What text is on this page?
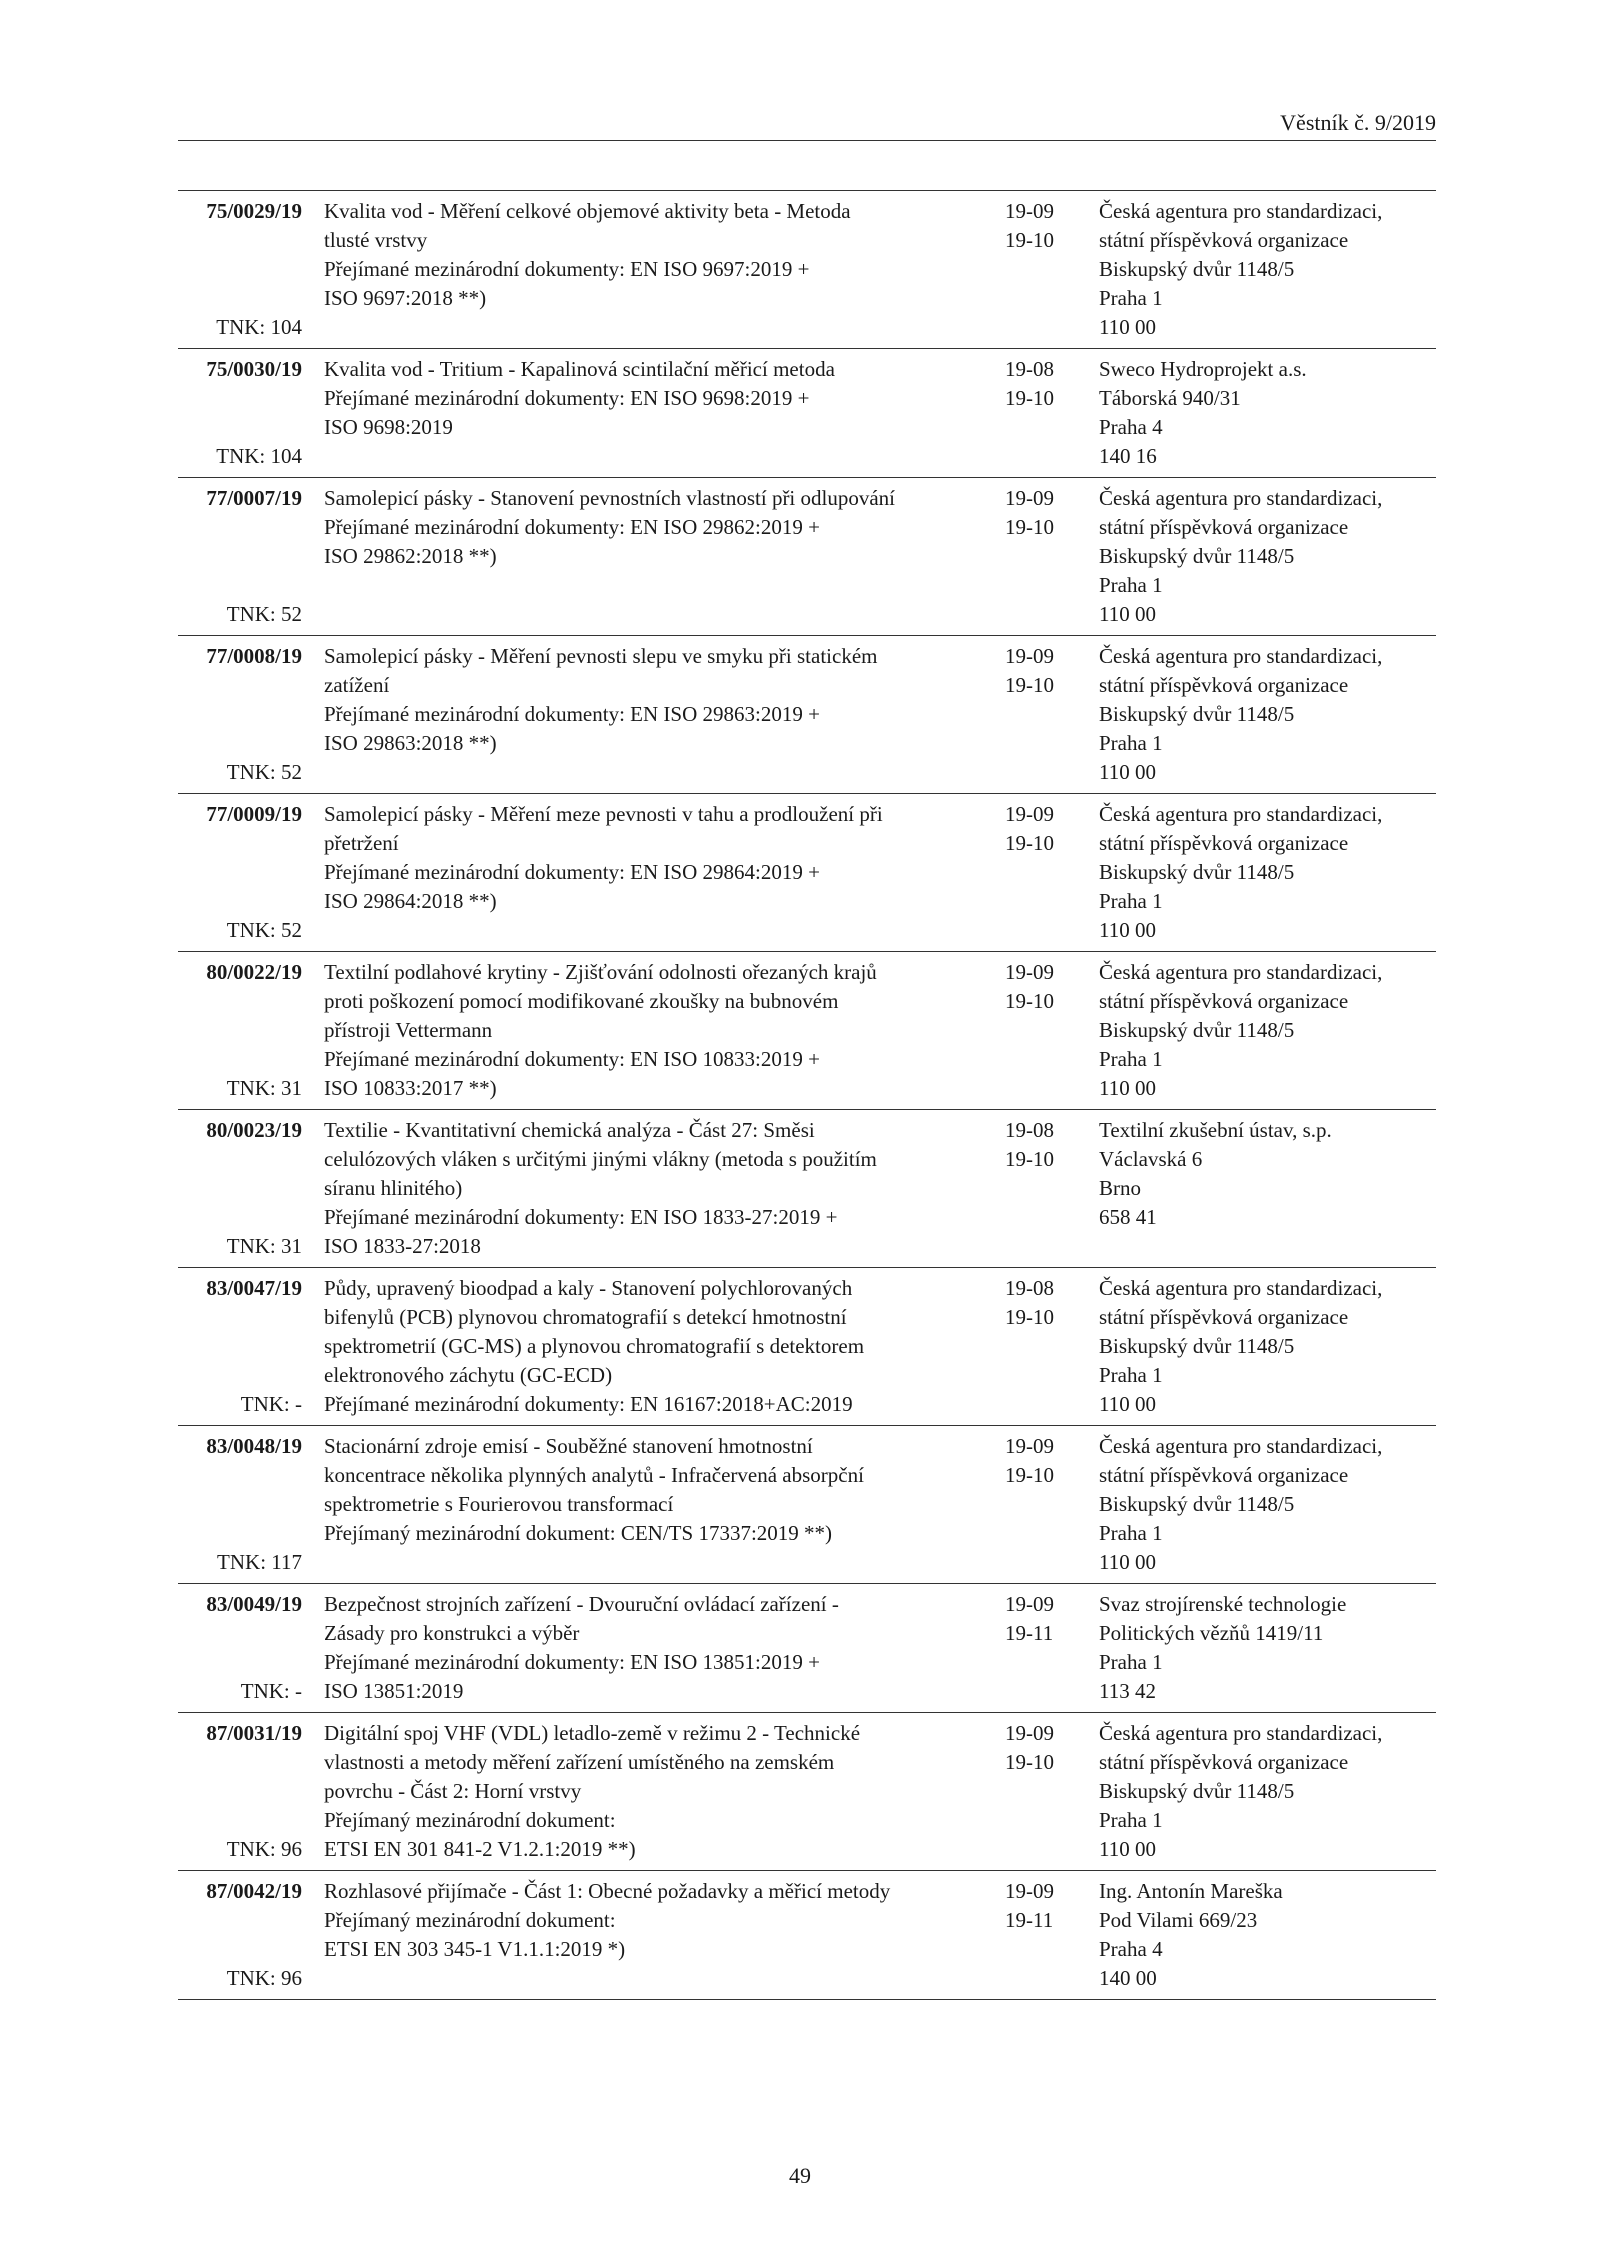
Věstník č. 9/2019
75/0029/19
TNK: 104
Kvalita vod - Měření celkové objemové aktivity beta - Metoda
tlusté vrstvy
Přejímané mezinárodní dokumenty: EN ISO 9697:2019 +
ISO 9697:2018 **)
19-09
19-10
Česká agentura pro standardizaci,
státní příspěvková organizace
Biskupský dvůr 1148/5
Praha 1
110 00
75/0030/19
TNK: 104
Kvalita vod - Tritium - Kapalinová scintilační měřicí metoda
Přejímané mezinárodní dokumenty: EN ISO 9698:2019 +
ISO 9698:2019
19-08
19-10
Sweco Hydroprojekt a.s.
Táborská 940/31
Praha 4
140 16
77/0007/19
TNK: 52
Samolepicí pásky - Stanovení pevnostních vlastností při odlupování
Přejímané mezinárodní dokumenty: EN ISO 29862:2019 +
ISO 29862:2018 **)
19-09
19-10
Česká agentura pro standardizaci,
státní příspěvková organizace
Biskupský dvůr 1148/5
Praha 1
110 00
77/0008/19
TNK: 52
Samolepicí pásky - Měření pevnosti slepu ve smyku při statickém
zatížení
Přejímané mezinárodní dokumenty: EN ISO 29863:2019 +
ISO 29863:2018 **)
19-09
19-10
Česká agentura pro standardizaci,
státní příspěvková organizace
Biskupský dvůr 1148/5
Praha 1
110 00
77/0009/19
TNK: 52
Samolepicí pásky - Měření meze pevnosti v tahu a prodloužení při
přetržení
Přejímané mezinárodní dokumenty: EN ISO 29864:2019 +
ISO 29864:2018 **)
19-09
19-10
Česká agentura pro standardizaci,
státní příspěvková organizace
Biskupský dvůr 1148/5
Praha 1
110 00
80/0022/19
TNK: 31
Textilní podlahové krytiny - Zjišťování odolnosti ořezaných krajů
proti poškození pomocí modifikované zkoušky na bubnovém
přístroji Vettermann
Přejímané mezinárodní dokumenty: EN ISO 10833:2019 +
ISO 10833:2017 **)
19-09
19-10
Česká agentura pro standardizaci,
státní příspěvková organizace
Biskupský dvůr 1148/5
Praha 1
110 00
80/0023/19
TNK: 31
Textilie - Kvantitativní chemická analýza - Část 27: Směsi
celulózových vláken s určitými jinými vlákny (metoda s použitím
síranu hlinitého)
Přejímané mezinárodní dokumenty: EN ISO 1833-27:2019 +
ISO 1833-27:2018
19-08
19-10
Textilní zkušební ústav, s.p.
Václavská 6
Brno
658 41
83/0047/19
TNK: -
Půdy, upravený bioodpad a kaly - Stanovení polychlorovaných
bifenylů (PCB) plynovou chromatografií s detekcí hmotnostní
spektrometrií (GC-MS) a plynovou chromatografií s detektorem
elektronového záchytu (GC-ECD)
Přejímané mezinárodní dokumenty: EN 16167:2018+AC:2019
19-08
19-10
Česká agentura pro standardizaci,
státní příspěvková organizace
Biskupský dvůr 1148/5
Praha 1
110 00
83/0048/19
TNK: 117
Stacionární zdroje emisí - Souběžné stanovení hmotnostní
koncentrace několika plynných analytů - Infračervená absorpční
spektrometrie s Fourierovou transformací
Přejímaný mezinárodní dokument: CEN/TS 17337:2019 **)
19-09
19-10
Česká agentura pro standardizaci,
státní příspěvková organizace
Biskupský dvůr 1148/5
Praha 1
110 00
83/0049/19
TNK: -
Bezpečnost strojních zařízení - Dvouruční ovládací zařízení -
Zásady pro konstrukci a výběr
Přejímané mezinárodní dokumenty: EN ISO 13851:2019 +
ISO 13851:2019
19-09
19-11
Svaz strojírenské technologie
Politických vězňů 1419/11
Praha 1
113 42
87/0031/19
TNK: 96
Digitální spoj VHF (VDL) letadlo-země v režimu 2 - Technické
vlastnosti a metody měření zařízení umístěného na zemském
povrchu - Část 2: Horní vrstvy
Přejímaný mezinárodní dokument:
ETSI EN 301 841-2 V1.2.1:2019 **)
19-09
19-10
Česká agentura pro standardizaci,
státní příspěvková organizace
Biskupský dvůr 1148/5
Praha 1
110 00
87/0042/19
TNK: 96
Rozhlasové přijímače - Část 1: Obecné požadavky a měřicí metody
Přejímaný mezinárodní dokument:
ETSI EN 303 345-1 V1.1.1:2019 *)
19-09
19-11
Ing. Antonín Mareška
Pod Vilami 669/23
Praha 4
140 00
49
